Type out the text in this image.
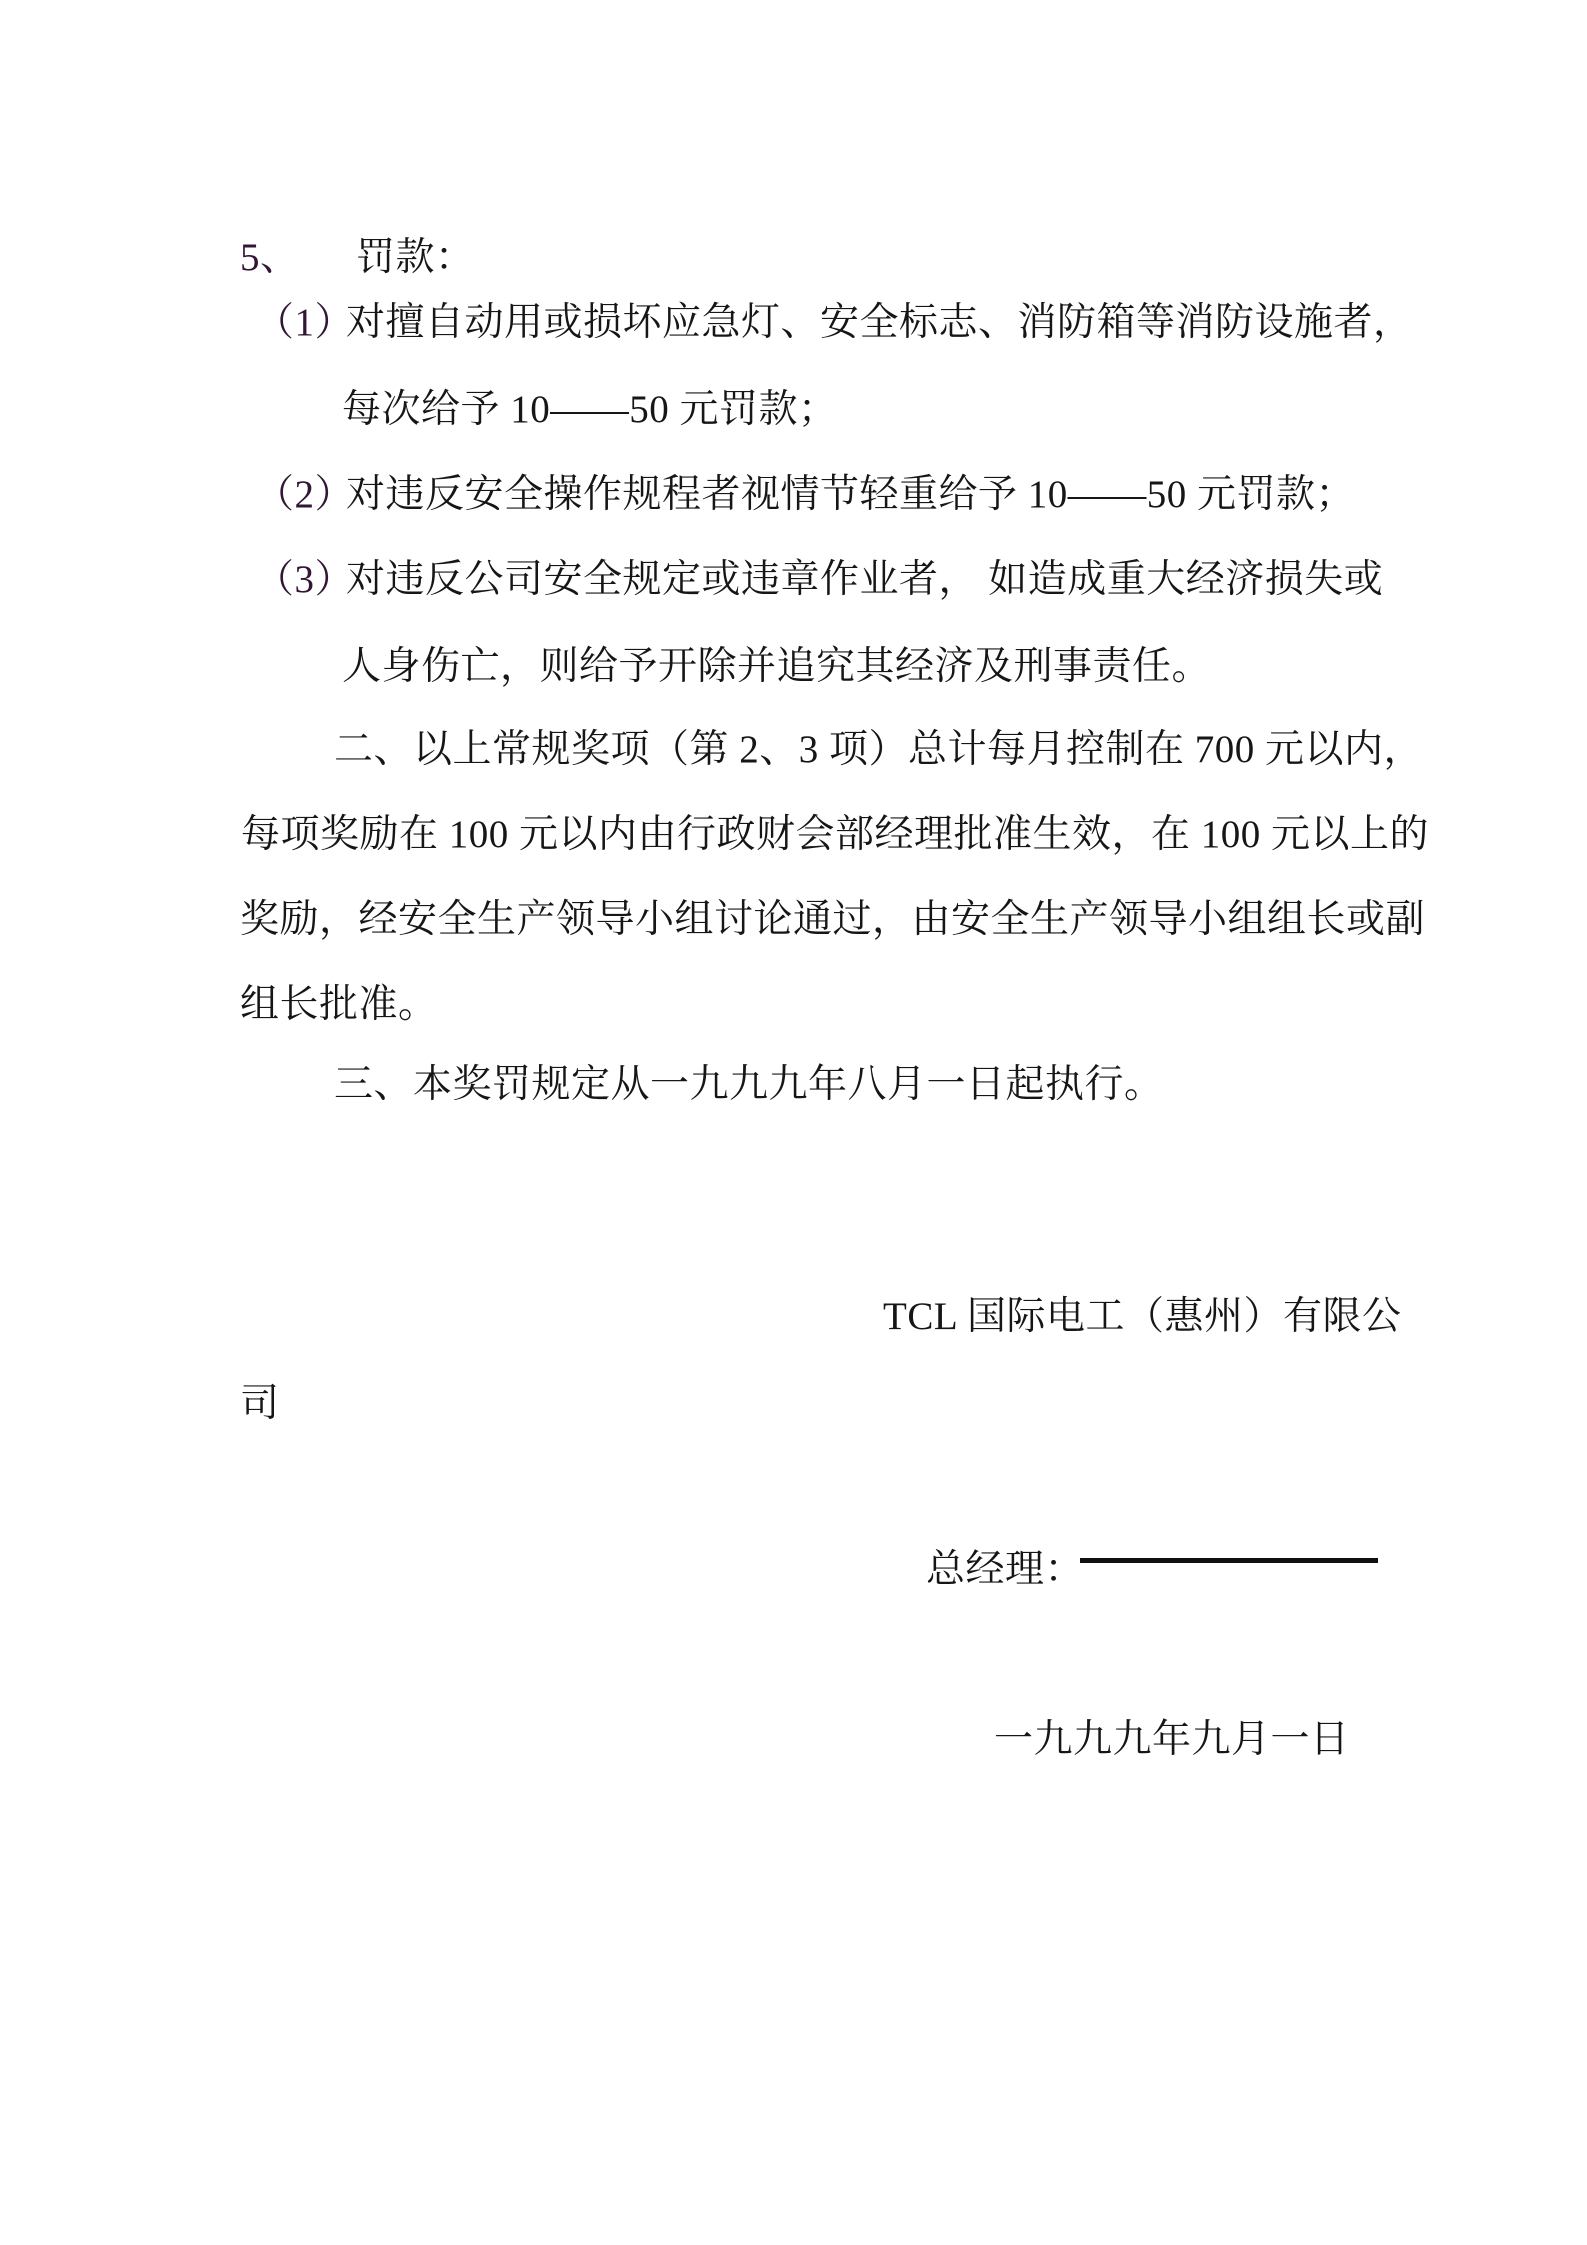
5、 罚款：
（1）
对擅自动用或损坏应急灯、安全标志、消防箱等消防设施者，
每次给予 10——50 元罚款；
（2）
对违反安全操作规程者视情节轻重给予 10——50 元罚款；
（3）
对违反公司安全规定或违章作业者， 如造成重大经济损失或
人身伤亡，则给予开除并追究其经济及刑事责任。
二、以上常规奖项（第 2、3 项）总计每月控制在 700 元以内，
每项奖励在 100 元以内由行政财会部经理批准生效，在 100 元以上的
奖励，经安全生产领导小组讨论通过，由安全生产领导小组组长或副
组长批准。
三、本奖罚规定从一九九九年八月一日起执行。
TCL 国际电工（惠州）有限公
司
总经理：
一九九九年九月一日
